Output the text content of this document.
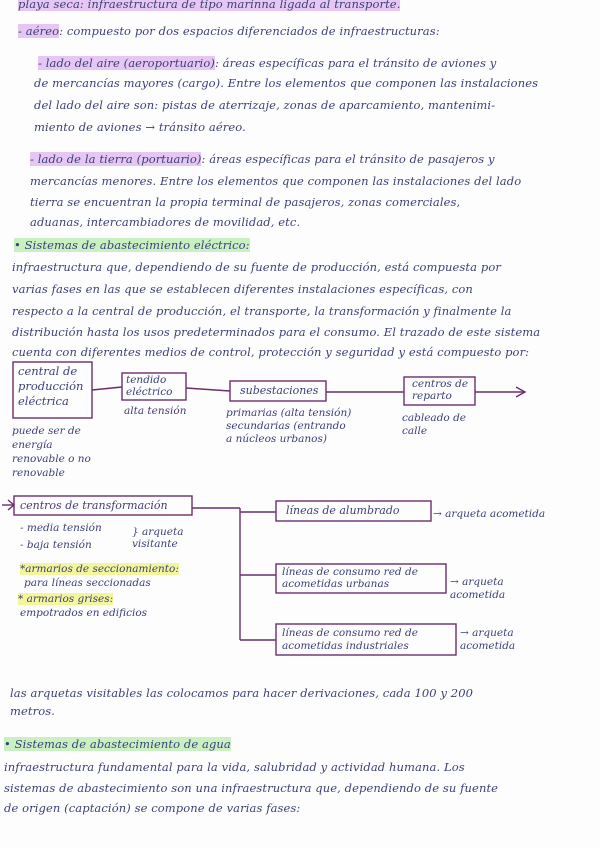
playa seca: infraestructura de tipo marinna ligada al transporte.
- aéreo: compuesto por dos espacios diferenciados de infraestructuras:
- lado del aire (aeroportuario): áreas específicas para el tránsito de aviones y
de mercancías mayores (cargo). Entre los elementos que componen las instalaciones
del lado del aire son: pistas de aterrizaje, zonas de aparcamiento, mantenimi-
miento de aviones → tránsito aéreo.
- lado de la tierra (portuario): áreas específicas para el tránsito de pasajeros y
mercancías menores. Entre los elementos que componen las instalaciones del lado
tierra se encuentran la propia terminal de pasajeros, zonas comerciales,
aduanas, intercambiadores de movilidad, etc.
• Sistemas de abastecimiento eléctrico:
infraestructura que, dependiendo de su fuente de producción, está compuesta por
varias fases en las que se establecen diferentes instalaciones específicas, con
respecto a la central de producción, el transporte, la transformación y finalmente la
distribución hasta los usos predeterminados para el consumo. El trazado de este sistema
cuenta con diferentes medios de control, protección y seguridad y está compuesto por:
central de producción eléctrica
puede ser de energía renovable o no renovable
tendido eléctrico
alta tensión
subestaciones
primarias (alta tensión) secundarias (entrando a núcleos urbanos)
centros de reparto
cableado de calle
centros de transformación
- media tensión
- baja tensión
} arqueta visitante
*armarios de seccionamiento:
para líneas seccionadas
* armarios grises:
empotrados en edificios
líneas de alumbrado	→ arqueta acometida
líneas de consumo red de acometidas urbanas	→ arqueta acometida
líneas de consumo red de acometidas industriales
→ arqueta acometida
las arquetas visitables las colocamos para hacer derivaciones, cada 100 y 200
metros.
• Sistemas de abastecimiento de agua
infraestructura fundamental para la vida, salubridad y actividad humana. Los
sistemas de abastecimiento son una infraestructura que, dependiendo de su fuente
de origen (captación) se compone de varias fases:
